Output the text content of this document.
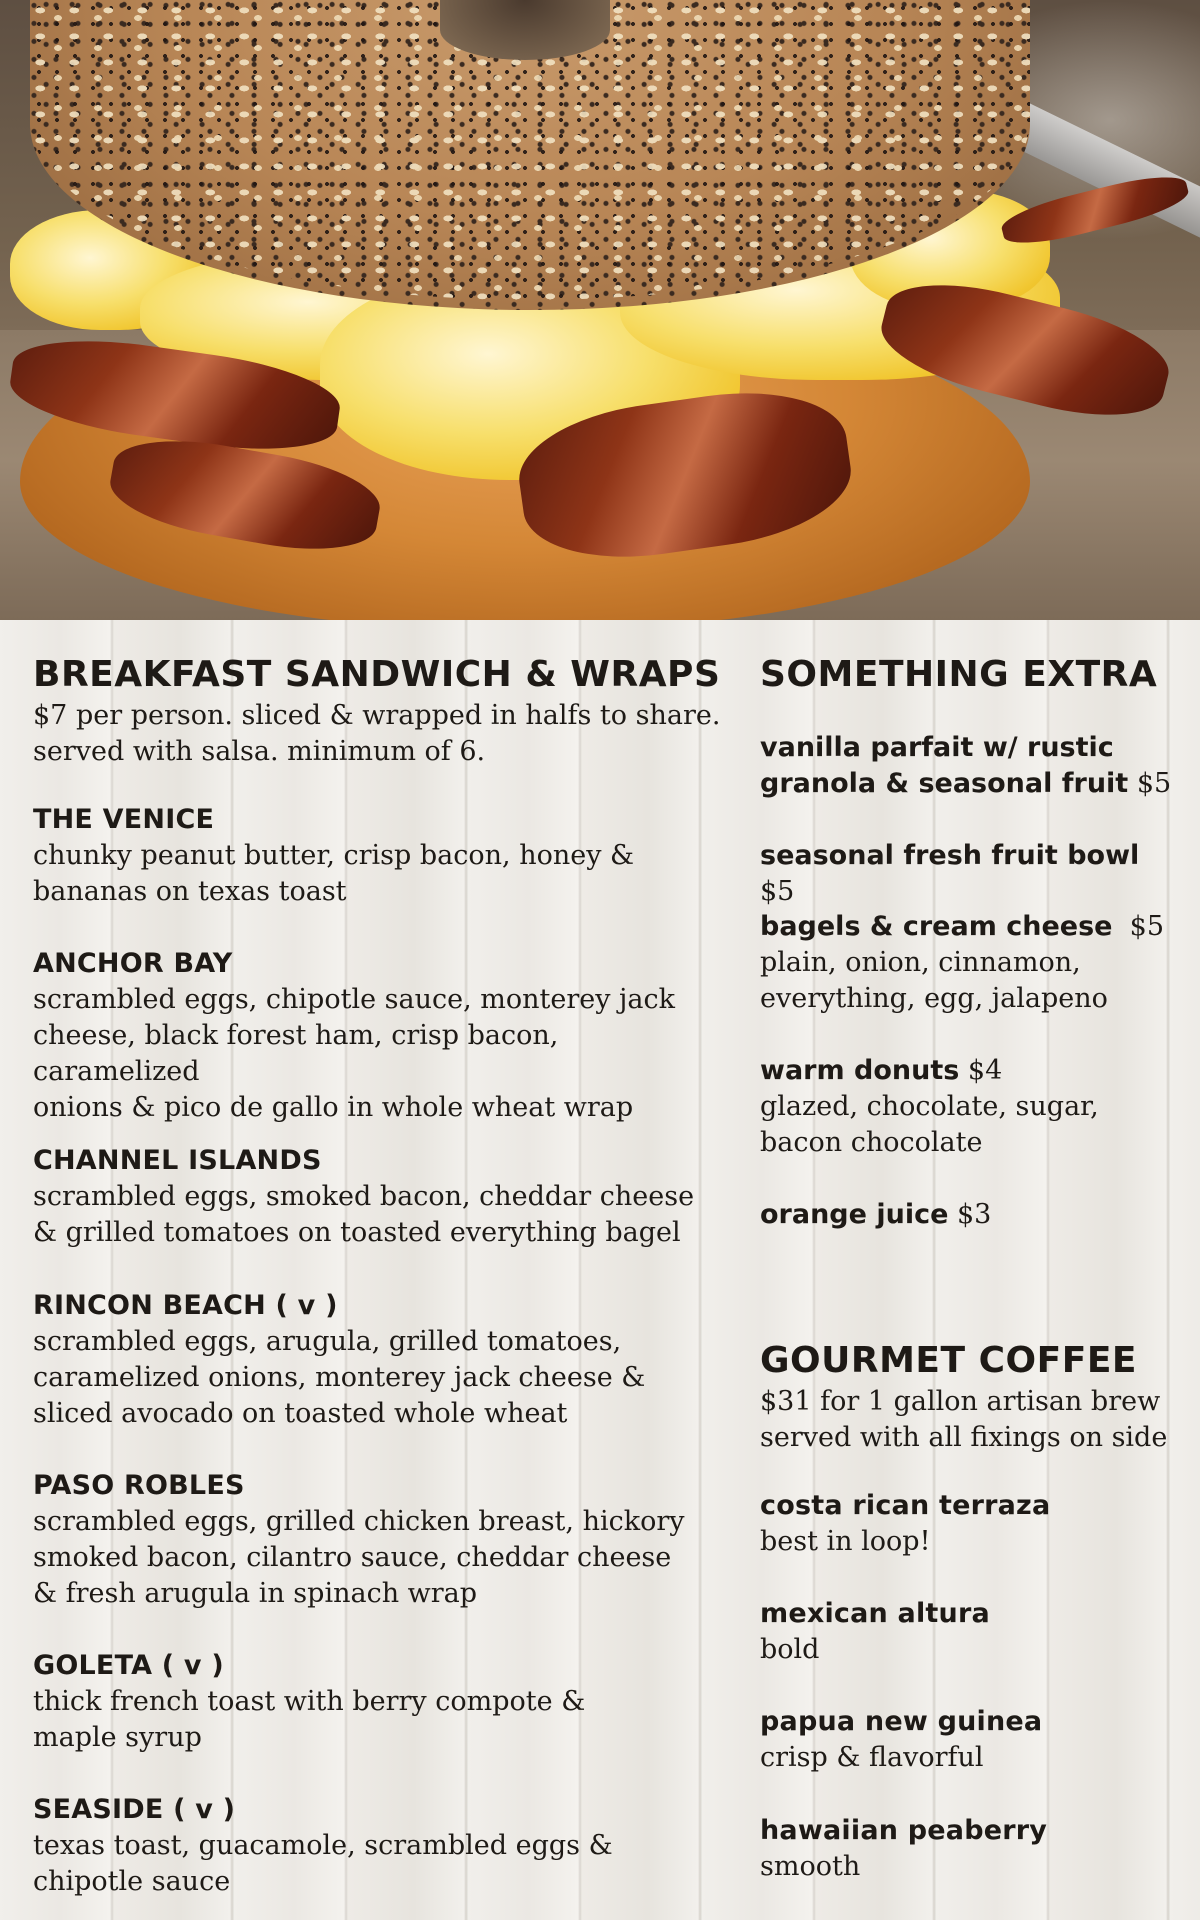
BREAKFAST SANDWICH & WRAPS

$7 per person. sliced & wrapped in halfs to share.
served with salsa. minimum of 6.

THE VENICE
chunky peanut butter, crisp bacon, honey &
bananas on texas toast
ANCHOR BAY
scrambled eggs, chipotle sauce, monterey jack
cheese, black forest ham, crisp bacon, caramelized
onions & pico de gallo in whole wheat wrap
CHANNEL ISLANDS
scrambled eggs, smoked bacon, cheddar cheese
& grilled tomatoes on toasted everything bagel
RINCON BEACH ( v )
scrambled eggs, arugula, grilled tomatoes,
caramelized onions, monterey jack cheese &
sliced avocado on toasted whole wheat
PASO ROBLES
scrambled eggs, grilled chicken breast, hickory
smoked bacon, cilantro sauce, cheddar cheese
& fresh arugula in spinach wrap
GOLETA ( v )
thick french toast with berry compote &
maple syrup
SEASIDE ( v )
texas toast, guacamole, scrambled eggs &
chipotle sauce
SOMETHING EXTRA
vanilla parfait w/ rustic
granola & seasonal fruit $5
seasonal fresh fruit bowl $5
bagels & cream cheese $5
plain, onion, cinnamon,
everything, egg, jalapeno
warm donuts $4
glazed, chocolate, sugar,
bacon chocolate
orange juice $3
GOURMET COFFEE

$31 for 1 gallon artisan brew
served with all fixings on side

costa rican terraza
best in loop!
mexican altura
bold
papua new guinea
crisp & flavorful
hawaiian peaberry
smooth
